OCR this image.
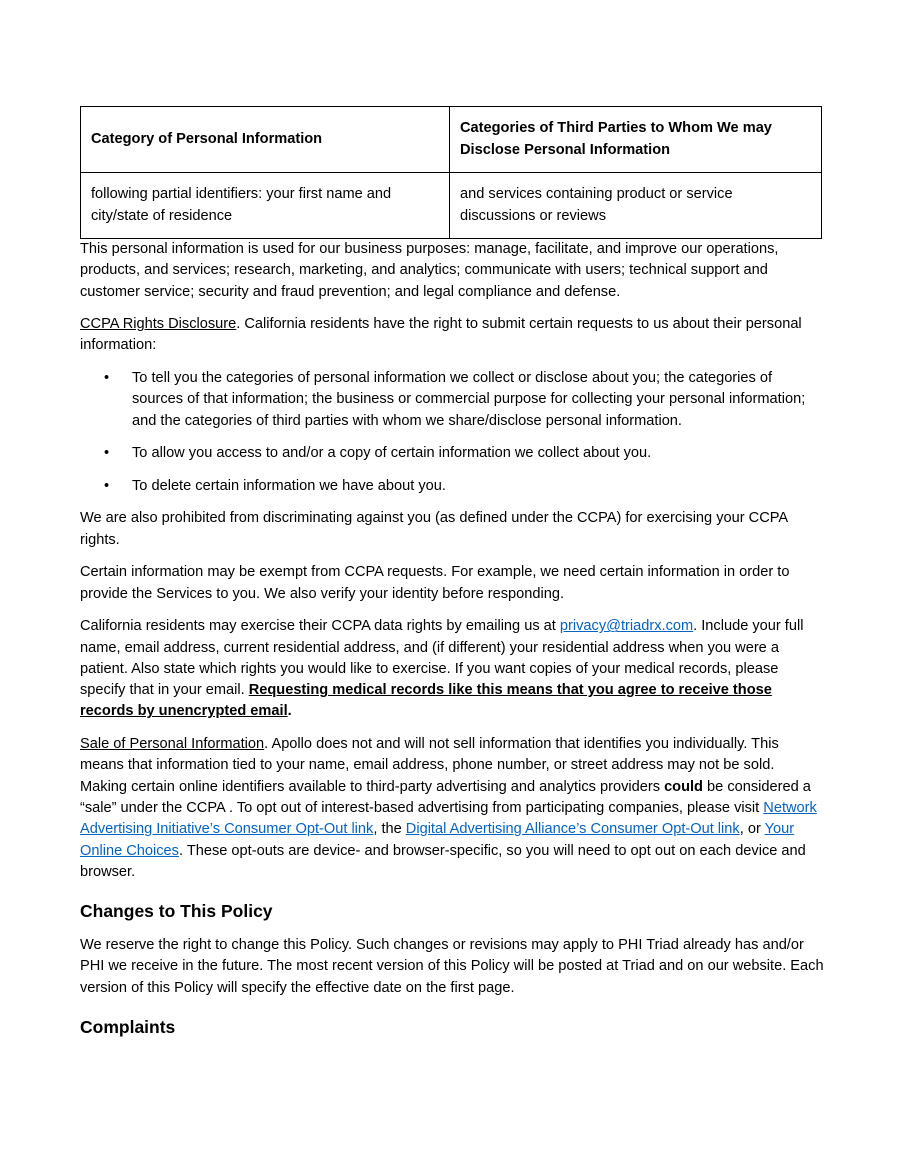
Category of Personal Information	Categories of Third Parties to Whom We may Disclose Personal Information
following partial identifiers: your first name and city/state of residence	and services containing product or service discussions or reviews

This personal information is used for our business purposes: manage, facilitate, and improve our operations, products, and services; research, marketing, and analytics; communicate with users; technical support and customer service; security and fraud prevention; and legal compliance and defense.

CCPA Rights Disclosure. California residents have the right to submit certain requests to us about their personal information:

• To tell you the categories of personal information we collect or disclose about you; the categories of sources of that information; the business or commercial purpose for collecting your personal information; and the categories of third parties with whom we share/disclose personal information.
• To allow you access to and/or a copy of certain information we collect about you.
• To delete certain information we have about you.

We are also prohibited from discriminating against you (as defined under the CCPA) for exercising your CCPA rights.

Certain information may be exempt from CCPA requests. For example, we need certain information in order to provide the Services to you. We also verify your identity before responding.

California residents may exercise their CCPA data rights by emailing us at privacy@triadrx.com. Include your full name, email address, current residential address, and (if different) your residential address when you were a patient. Also state which rights you would like to exercise. If you want copies of your medical records, please specify that in your email. Requesting medical records like this means that you agree to receive those records by unencrypted email.

Sale of Personal Information. Apollo does not and will not sell information that identifies you individually. This means that information tied to your name, email address, phone number, or street address may not be sold. Making certain online identifiers available to third-party advertising and analytics providers could be considered a “sale” under the CCPA . To opt out of interest-based advertising from participating companies, please visit Network Advertising Initiative’s Consumer Opt-Out link, the Digital Advertising Alliance’s Consumer Opt-Out link, or Your Online Choices. These opt-outs are device- and browser-specific, so you will need to opt out on each device and browser.

Changes to This Policy

We reserve the right to change this Policy. Such changes or revisions may apply to PHI Triad already has and/or PHI we receive in the future. The most recent version of this Policy will be posted at Triad and on our website. Each version of this Policy will specify the effective date on the first page.

Complaints
